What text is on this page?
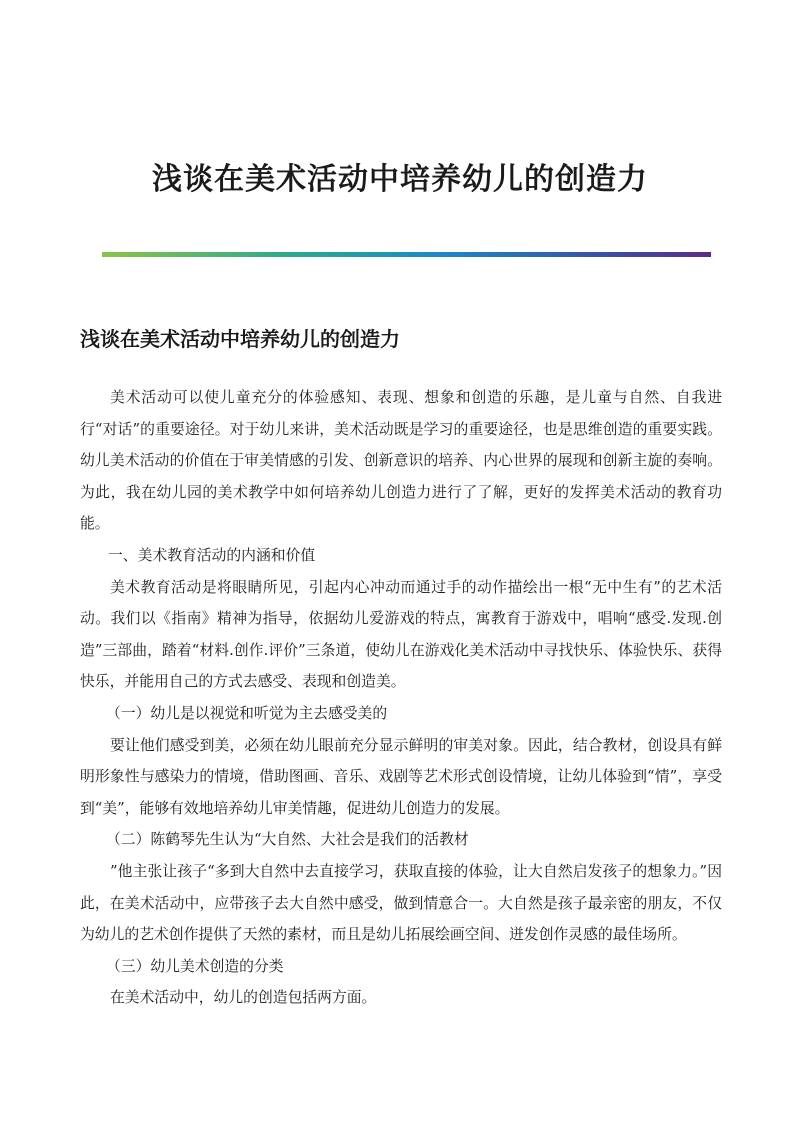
浅谈在美术活动中培养幼儿的创造力
浅谈在美术活动中培养幼儿的创造力

美术活动可以使儿童充分的体验感知、表现、想象和创造的乐趣，是儿童与自然、自我进行“对话”的重要途径。对于幼儿来讲，美术活动既是学习的重要途径，也是思维创造的重要实践。幼儿美术活动的价值在于审美情感的引发、创新意识的培养、内心世界的展现和创新主旋的奏响。为此，我在幼儿园的美术教学中如何培养幼儿创造力进行了了解，更好的发挥美术活动的教育功能。

一、美术教育活动的内涵和价值

美术教育活动是将眼睛所见，引起内心冲动而通过手的动作描绘出一根“无中生有”的艺术活动。我们以《指南》精神为指导，依据幼儿爱游戏的特点，寓教育于游戏中，唱响“感受.发现.创造”三部曲，踏着“材料.创作.评价”三条道，使幼儿在游戏化美术活动中寻找快乐、体验快乐、获得快乐，并能用自己的方式去感受、表现和创造美。

（一）幼儿是以视觉和听觉为主去感受美的

要让他们感受到美，必须在幼儿眼前充分显示鲜明的审美对象。因此，结合教材，创设具有鲜明形象性与感染力的情境，借助图画、音乐、戏剧等艺术形式创设情境，让幼儿体验到“情”，享受到“美”，能够有效地培养幼儿审美情趣，促进幼儿创造力的发展。

（二）陈鹤琴先生认为“大自然、大社会是我们的活教材

”他主张让孩子“多到大自然中去直接学习，获取直接的体验，让大自然启发孩子的想象力。”因此，在美术活动中，应带孩子去大自然中感受，做到情意合一。大自然是孩子最亲密的朋友，不仅为幼儿的艺术创作提供了天然的素材，而且是幼儿拓展绘画空间、迸发创作灵感的最佳场所。

（三）幼儿美术创造的分类

在美术活动中，幼儿的创造包括两方面。
